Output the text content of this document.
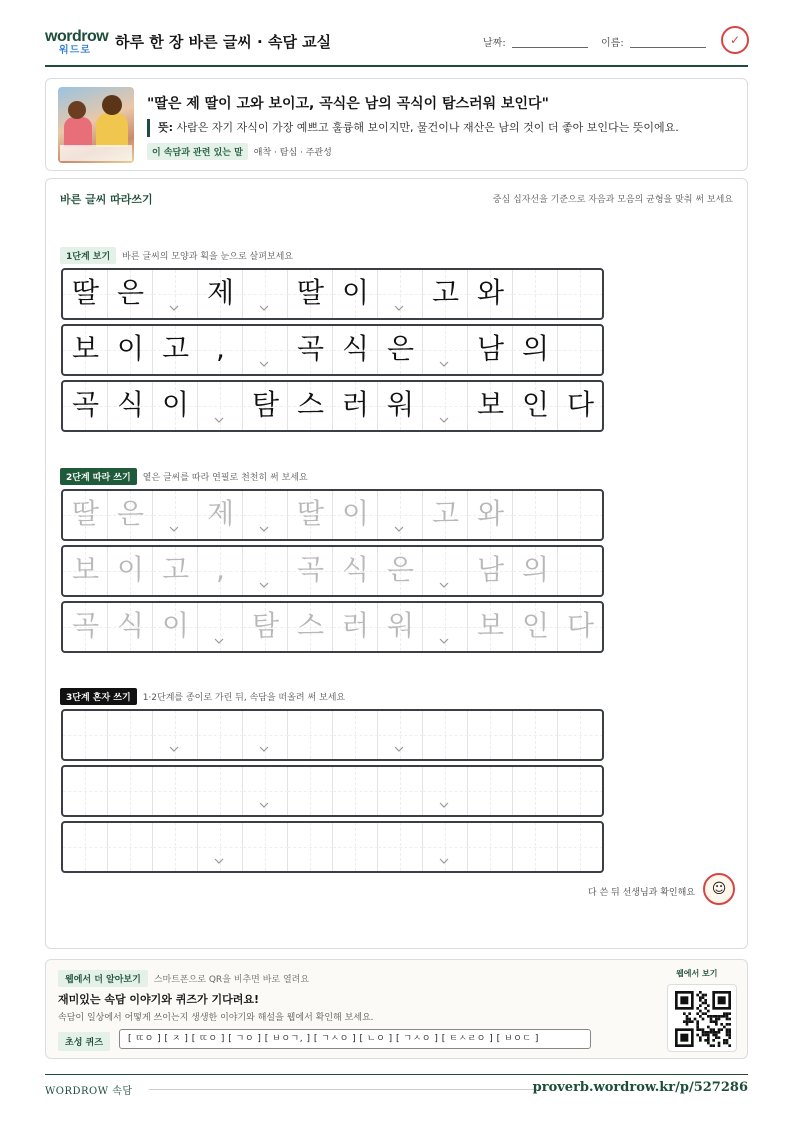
wordrow
워드로 하루 한 장 바른 글씨 · 속담 교실	날짜:	이름:	✓
"딸은 제 딸이 고와 보이고, 곡식은 남의 곡식이 탐스러워 보인다"
뜻: 사람은 자기 자식이 가장 예쁘고 훌륭해 보이지만, 물건이나 재산은 남의 것이 더 좋아 보인다는 뜻이에요.
이 속담과 관련 있는 말 애착 · 탐심 · 주관성
바른 글씨 따라쓰기	중심 십자선을 기준으로 자음과 모음의 균형을 맞춰 써 보세요
1단계 보기 바른 글씨의 모양과 획을 눈으로 살펴보세요
2단계 따라 쓰기 옅은 글씨를 따라 연필로 천천히 써 보세요
3단계 혼자 쓰기 1·2단계를 종이로 가린 뒤, 속담을 떠올려 써 보세요
딸 은	제	딸 이	고 와
보 이 고 ,	곡 식 은	남 의
곡 식 이	탐 스 러 워	보 인 다
딸 은	제	딸 이	고 와
보 이 고 ,	곡 식 은	남 의
곡 식 이	탐 스 러 워	보 인 다
다 쓴 뒤 선생님과 확인해요	☺
웹에서 더 알아보기 스마트폰으로 QR을 비추면 바로 열려요
재미있는 속담 이야기와 퀴즈가 기다려요!
속담이 일상에서 어떻게 쓰이는지 생생한 이야기와 해설을 웹에서 확인해 보세요.
초성 퀴즈	[ ㄸㅇ ] [ ㅈ ] [ ㄸㅇ ] [ ㄱㅇ ] [ ㅂㅇㄱ, ] [ ㄱㅅㅇ ] [ ㄴㅇ ] [ ㄱㅅㅇ ] [ ㅌㅅㄹㅇ ] [ ㅂㅇㄷ ]
웹에서 보기
WORDROW 속담	proverb.wordrow.kr/p/527286
